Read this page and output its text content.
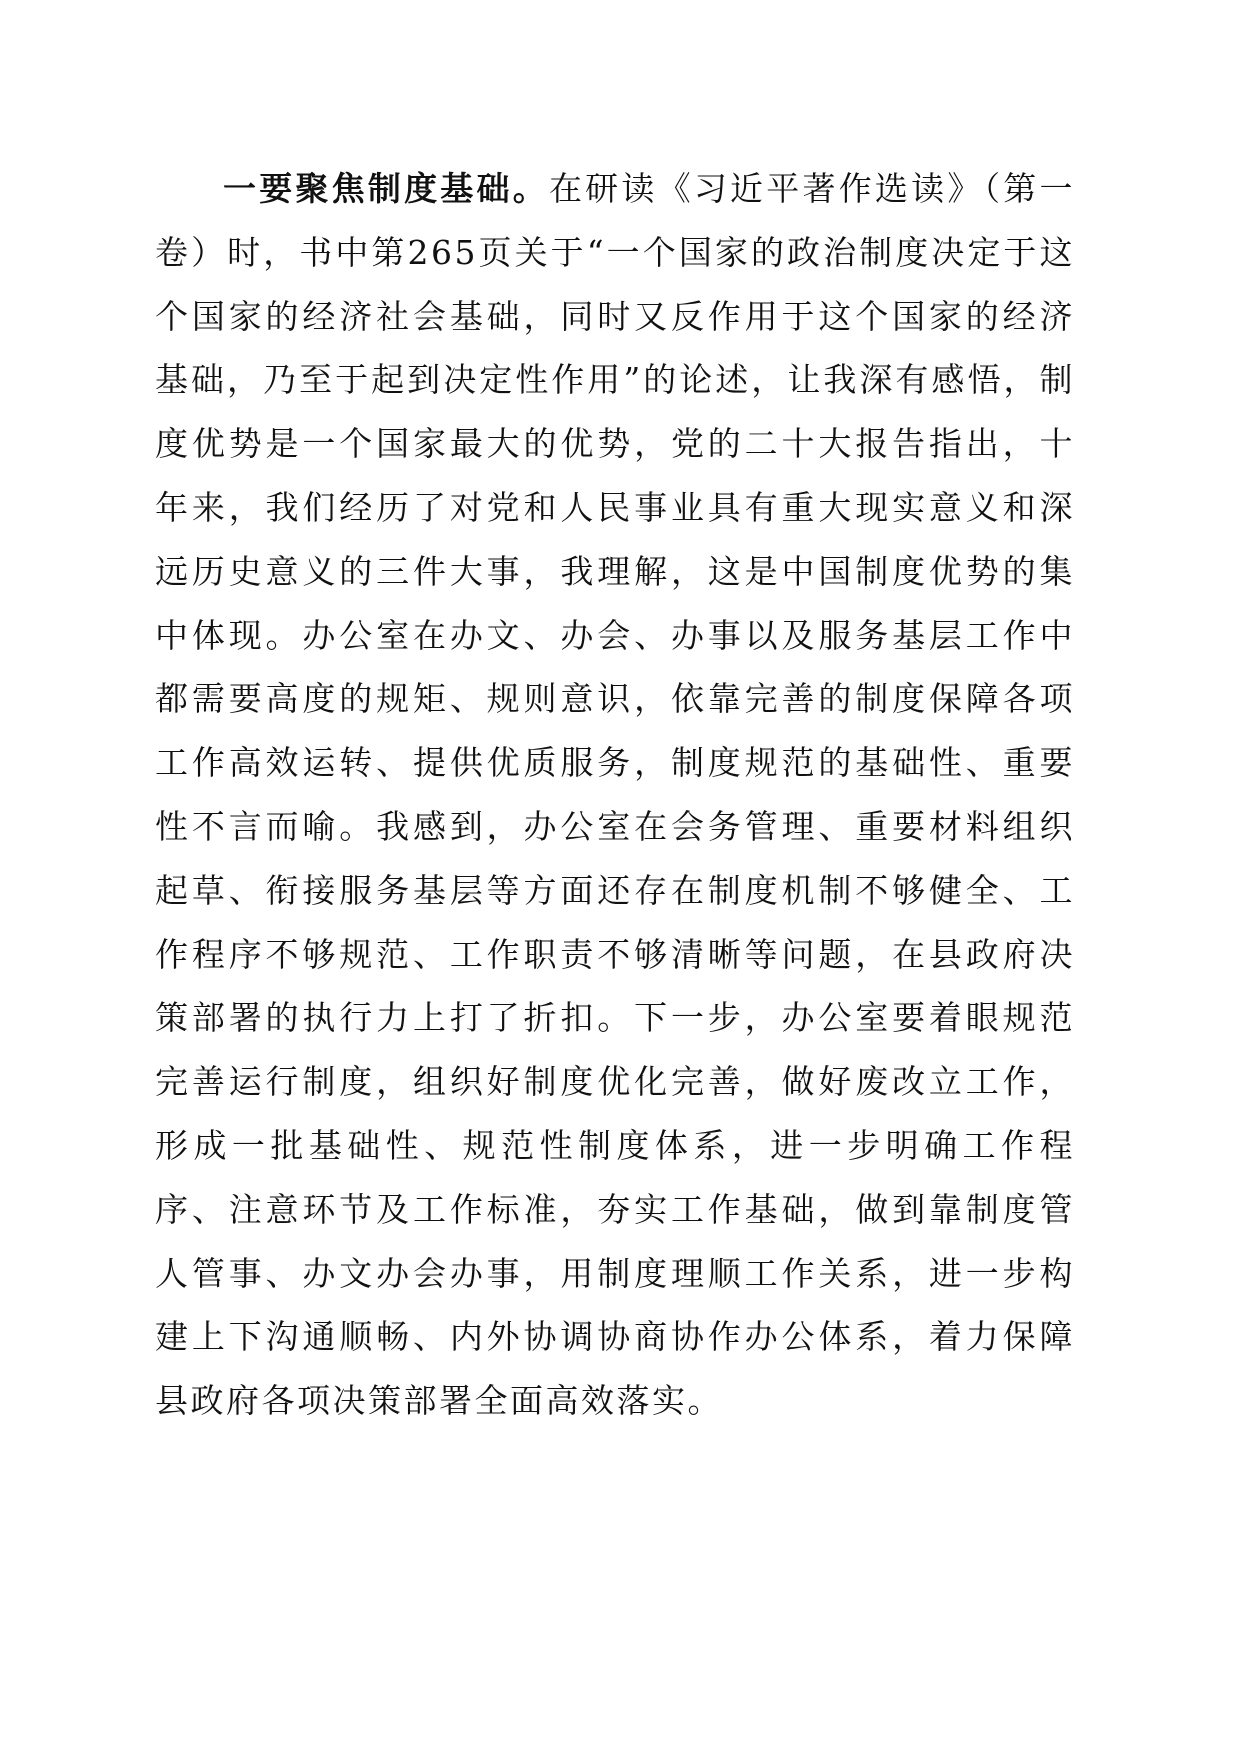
一要聚焦制度基础。在研读《习近平著作选读》（第一卷）时，书中第265页关于“一个国家的政治制度决定于这个国家的经济社会基础，同时又反作用于这个国家的经济基础，乃至于起到决定性作用”的论述，让我深有感悟，制度优势是一个国家最大的优势，党的二十大报告指出，十年来，我们经历了对党和人民事业具有重大现实意义和深远历史意义的三件大事，我理解，这是中国制度优势的集中体现。办公室在办文、办会、办事以及服务基层工作中都需要高度的规矩、规则意识，依靠完善的制度保障各项工作高效运转、提供优质服务，制度规范的基础性、重要性不言而喻。我感到，办公室在会务管理、重要材料组织起草、衔接服务基层等方面还存在制度机制不够健全、工作程序不够规范、工作职责不够清晰等问题，在县政府决策部署的执行力上打了折扣。下一步，办公室要着眼规范完善运行制度，组织好制度优化完善，做好废改立工作，形成一批基础性、规范性制度体系，进一步明确工作程序、注意环节及工作标准，夯实工作基础，做到靠制度管人管事、办文办会办事，用制度理顺工作关系，进一步构建上下沟通顺畅、内外协调协商协作办公体系，着力保障县政府各项决策部署全面高效落实。
